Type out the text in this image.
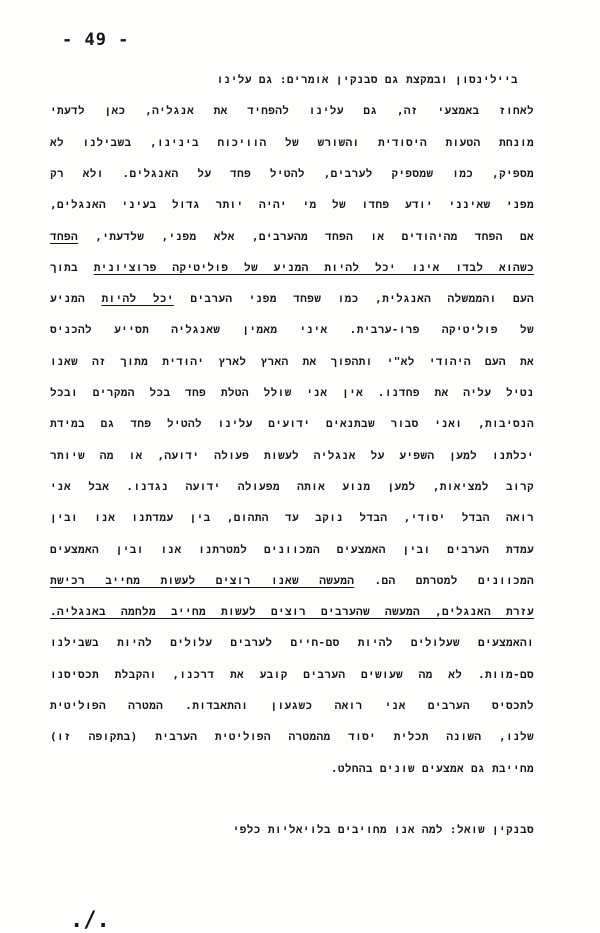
- 49 -
ביילינסון ובמקצת גם סבנקין אומרים: גם עלינו
לאחוז באמצעי זה, גם עלינו להפחיד את אנגליה, כאן לדעתי
מונחת הטעות היסודית והשורש של הוויכוח בינינו, בשבילנו לא
מספיק, כמו שמספיק לערבים, להטיל פחד על האנגלים. ולא רק
מפני שאינני יודע פחדו של מי יהיה יותר גדול בעיני האנגלים,
אם הפחד מהיהודים או הפחד מהערבים, אלא מפני, שלדעתי, הפחד
כשהוא לבדו אינו יכל להיות המניע של פוליטיקה פרוציונית בתוך
העם והממשלה האנגלית, כמו שפחד מפני הערבים יכל להיות המניע
של פוליטיקה פרו-ערבית. איני מאמין שאנגליה תסייע להכניס
את העם היהודי לא"י ותהפוך את הארץ לארץ יהודית מתוך זה שאנו
נטיל עליה את פחדנו. אין אני שולל הטלת פחד בכל המקרים ובכל
הנסיבות, ואני סבור שבתנאים ידועים עלינו להטיל פחד גם במידת
יכלתנו למען השפיע על אנגליה לעשות פעולה ידועה, או מה שיותר
קרוב למציאות, למען מנוע אותה מפעולה ידועה נגדנו. אבל אני
רואה הבדל יסודי, הבדל נוקב עד התהום, בין עמדתנו אנו ובין
עמדת הערבים ובין האמצעים המכוונים למטרתנו אנו ובין האמצעים
המכוונים למטרתם הם. המעשה שאנו רוצים לעשות מחייב רכישת
עזרת האנגלים, המעשה שהערבים רוצים לעשות מחייב מלחמה באנגליה.
והאמצעים שעלולים להיות סם-חיים לערבים עלולים להיות בשבילנו
סם-מוות. לא מה שעושים הערבים קובע את דרכנו, והקבלת תכסיסנו
לתכסיס הערבים אני רואה כשגעון והתאבדות. המטרה הפוליטית
שלנו, השונה תכלית יסוד מהמטרה הפוליטית הערבית (בתקופה זו)
מחייבת גם אמצעים שונים בהחלט.
סבנקין שואל: למה אנו מחויבים בלויאליות כלפי
./.
